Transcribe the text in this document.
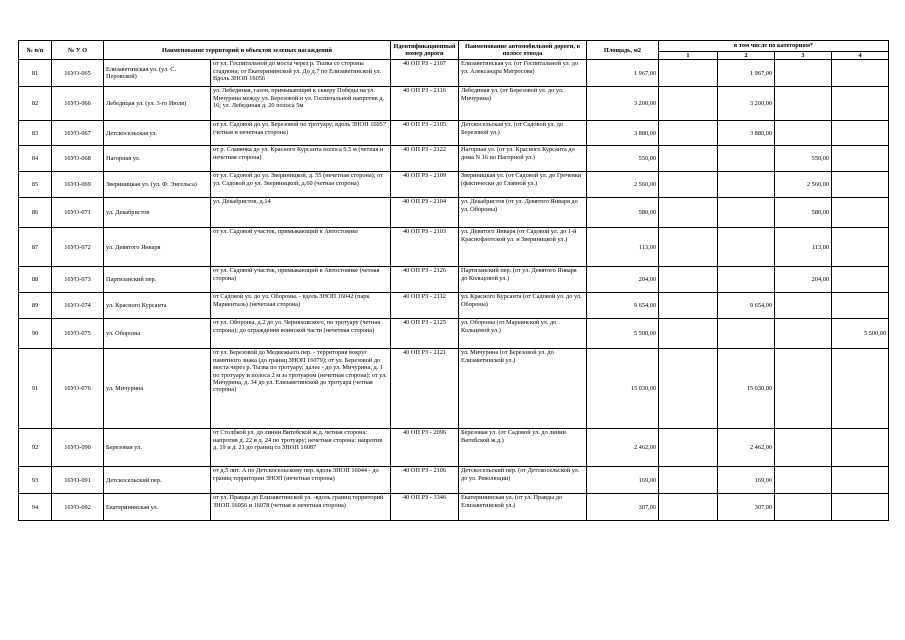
№ п/п	№ У О	Наименование территорий и объектов зеленых насаждений		Идентификационный номер дороги	Наименование автомобильной дороги, в полосе отвода	Площадь, м2	в том числе по категориям*			
							1	2	3	4
81	16УО-065	Елизаветинская ул. (ул. С. Перовской)	от ул. Госпитальной до моста через р. Тызва со стороны стадиона; от Екатерининской ул. До д.7 по Елизаветинской ул. Вдоль ЗНОП 16056	40 ОП РЗ - 2107	Елизаветинская ул. (от Госпитальной ул. до ул. Александра Матросова)	1 967,00		1 967,00		
82	16УО-066	Лебедицая ул. (ул. 3-го Июля)	ул. Лебединая, газон, примыкающий к скверу Победы на ул. Мичурина между ул. Березовой и ул. Госпитальной напротив д. 16; ул. Лебединая д. 20 полоса 5м	40 ОП РЗ - 2116	Лебединая ул. (от Березовой ул. до ул. Мичурина)	3 200,00		3 200,00		
83	16УО-067	Детскосельская ул.	от ул. Садовой до ул. Березовой по тротуару; вдоль ЗНОП 16057 (четная и нечетная сторона)	40 ОП РЗ - 2105	Детскосельская ул. (от Садовой ул. до Березовой ул.)	3 880,00		3 880,00		
84	16УО-068	Нагорная ул.	от р. Славянка до ул. Красного Курсанта полоса 0.5 м (четная и нечетная сторона)	40 ОП РЗ - 2122	Нагорная ул. (от ул. Красного Курсанта до дома N 16 по Нагорной ул.)	550,00			550,00	
85	16УО-069	Звериницкая ул. (ул. Ф. Энгельса)	от ул. Садовой до ул. Звериницкой, д. 55 (нечетная сторона); от ул. Садовой до ул. Звериницкой, д.60 (четная сторона)	40 ОП РЗ - 2109	Звериницкая ул. (от Садовой ул. до Гречевки (фактически до Главной ул.)	2 560,00			2 560,00	
86	16УО-071	ул. Декабристов	ул. Декабристов, д.14	40 ОП РЗ - 2104	ул. Декабристов (от ул. Девятого Января до ул. Обороны)	580,00			580,00	
87	16УО-072	ул. Девятого Января	от ул. Садовой участок, примыкающий к Автостоянке	40 ОП РЗ - 2103	ул. Девятого Января (от Садовой ул. до 1-й Краснофлотской ул. и Звериницкой ул.)	113,00			113,00	
88	16УО-073	Партизанский пер.	от ул. Садовой участок, примыкающий к Автостоянке (четная сторона)	40 ОП РЗ - 2126	Партизанский пер. (от ул. Девятого Января до Кольцовой ул.)	204,00			204,00	
89	16УО-074	ул. Красного Курсанта	от Садовой ул. до ул. Обороны. - вдоль ЗНОП 16042 (парк Мариенталь) (нечетная сторона)	40 ОП РЗ - 2112	ул. Красного Курсанта (от Садовой ул. до ул. Обороны)	9 654,00		9 654,00		
90	16УО-075	ул. Обороны	от ул. Обороны, д.2 до ул. Черняховского, по тротуару (четная сторона); до ограждения воинской части (нечетная сторона)	40 ОП РЗ - 2125	ул. Обороны (от Марьинской ул. до Кольцевой ул.)	5 500,00				5 500,00
91	16УО-076	ул. Мичурина	от ул. Березовой до Медвежьего пер. - территория вокруг памятного знака (до границ ЗНОП 16079); от ул. Березовой до моста через р. Тызва по тротуару; далее - до ул. Мичурина, д. 1 по тротуару и полоса 2 м за тротуаром (нечетная сторона); от ул. Мичурина, д. 34 до ул. Елизаветинской до тротуара (четная сторона)	40 ОП РЗ - 2121	ул. Мичурина (от Березовой ул. до Елизаветинской ул.)	15 030,00		15 030,00		
92	16УО-090	Березовая ул.	от Столбкой ул. до линии Витебской ж.д. четная сторона: напротив д. 22 и д. 24 по тротуару; нечетная сторона: напротив д. 19 и д. 21 до границ со ЗНОП 16087	40 ОП РЗ - 2096	Березовая ул. (от Садовой ул. до линии Витебской ж.д.)	2 462,00		2 462,00		
93	16УО-091	Детскосельский пер.	от д.5 лит. А по Детскосельскому пер. вдоль ЗНОП 16044 - до границ территории ЗНОП (нечетная сторона)	40 ОП РЗ - 2106	Детскосельский пер. (от Детскосельской ул. до ул. Революции)	169,00		169,00		
94	16УО-092	Екатерининская ул.	от ул. Правды до Елизаветинской ул. -вдоль границ территорий ЗНОП 16056 и 16078 (четная и нечетная сторона)	40 ОП РЗ - 3346	Екатерининская ул. (от ул. Правды до Елизаветинской ул.)	307,00		307,00		
